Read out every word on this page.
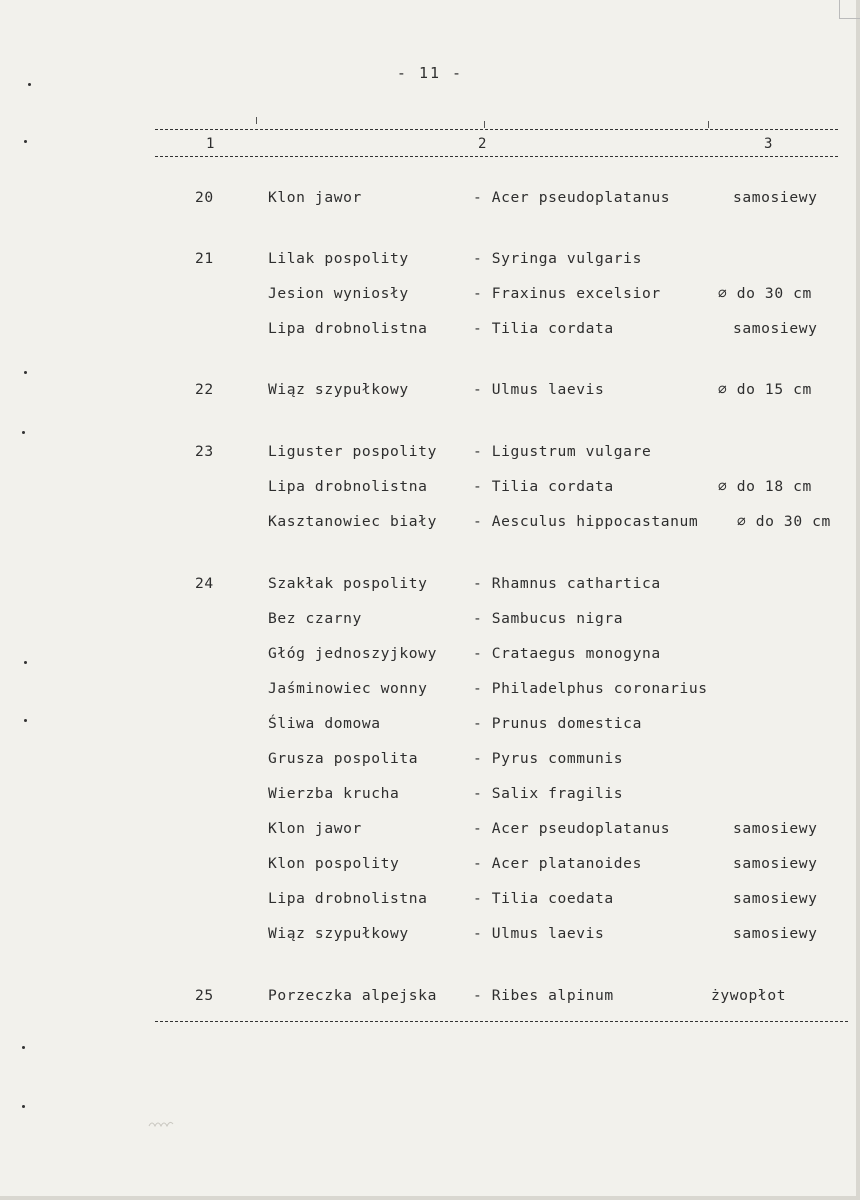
- 11 -
1	2	3
20	Klon jawor	- Acer pseudoplatanus	samosiewy
21	Lilak pospolity	- Syringa vulgaris
Jesion wyniosły	- Fraxinus excelsior	∅ do 30 cm
Lipa drobnolistna	- Tilia cordata	samosiewy
22	Wiąz szypułkowy	- Ulmus laevis	∅ do 15 cm
23	Liguster pospolity - Ligustrum vulgare
Lipa drobnolistna	- Tilia cordata	∅ do 18 cm
Kasztanowiec biały - Aesculus hippocastanum	∅ do 30 cm
24	Szakłak pospolity	- Rhamnus cathartica
Bez czarny	- Sambucus nigra
Głóg jednoszyjkowy - Crataegus monogyna
Jaśminowiec wonny	- Philadelphus coronarius
Śliwa domowa	- Prunus domestica
Grusza pospolita	- Pyrus communis
Wierzba krucha	- Salix fragilis
Klon jawor	- Acer pseudoplatanus	samosiewy
Klon pospolity	- Acer platanoides	samosiewy
Lipa drobnolistna	- Tilia coedata	samosiewy
Wiąz szypułkowy	- Ulmus laevis	samosiewy
25	Porzeczka alpejska - Ribes alpinum	żywopłot
